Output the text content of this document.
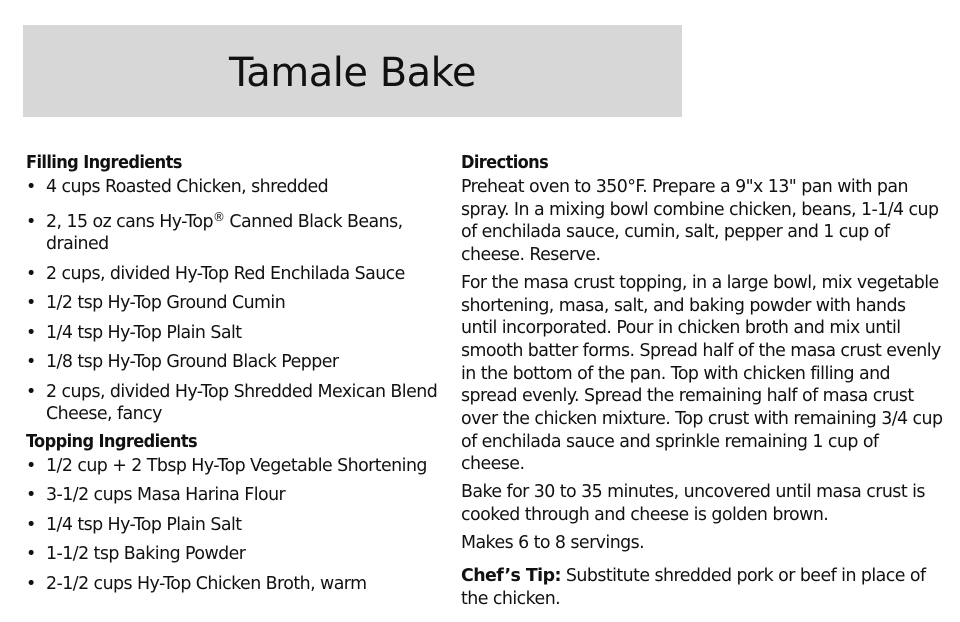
Tamale Bake
Filling Ingredients
• 4 cups Roasted Chicken, shredded
• 2, 15 oz cans Hy-Top® Canned Black Beans, drained
• 2 cups, divided Hy-Top Red Enchilada Sauce
• 1/2 tsp Hy-Top Ground Cumin
• 1/4 tsp Hy-Top Plain Salt
• 1/8 tsp Hy-Top Ground Black Pepper
• 2 cups, divided Hy-Top Shredded Mexican Blend Cheese, fancy
Topping Ingredients
• 1/2 cup + 2 Tbsp Hy-Top Vegetable Shortening
• 3-1/2 cups Masa Harina Flour
• 1/4 tsp Hy-Top Plain Salt
• 1-1/2 tsp Baking Powder
• 2-1/2 cups Hy-Top Chicken Broth, warm
Directions

Preheat oven to 350°F. Prepare a 9"x 13" pan with pan spray. In a mixing bowl combine chicken, beans, 1-1/4 cup of enchilada sauce, cumin, salt, pepper and 1 cup of cheese. Reserve.

For the masa crust topping, in a large bowl, mix vegetable shortening, masa, salt, and baking powder with hands until incorporated. Pour in chicken broth and mix until smooth batter forms. Spread half of the masa crust evenly in the bottom of the pan. Top with chicken filling and spread evenly. Spread the remaining half of masa crust over the chicken mixture. Top crust with remaining 3/4 cup of enchilada sauce and sprinkle remaining 1 cup of cheese.

Bake for 30 to 35 minutes, uncovered until masa crust is cooked through and cheese is golden brown.

Makes 6 to 8 servings.

Chef’s Tip: Substitute shredded pork or beef in place of the chicken.
